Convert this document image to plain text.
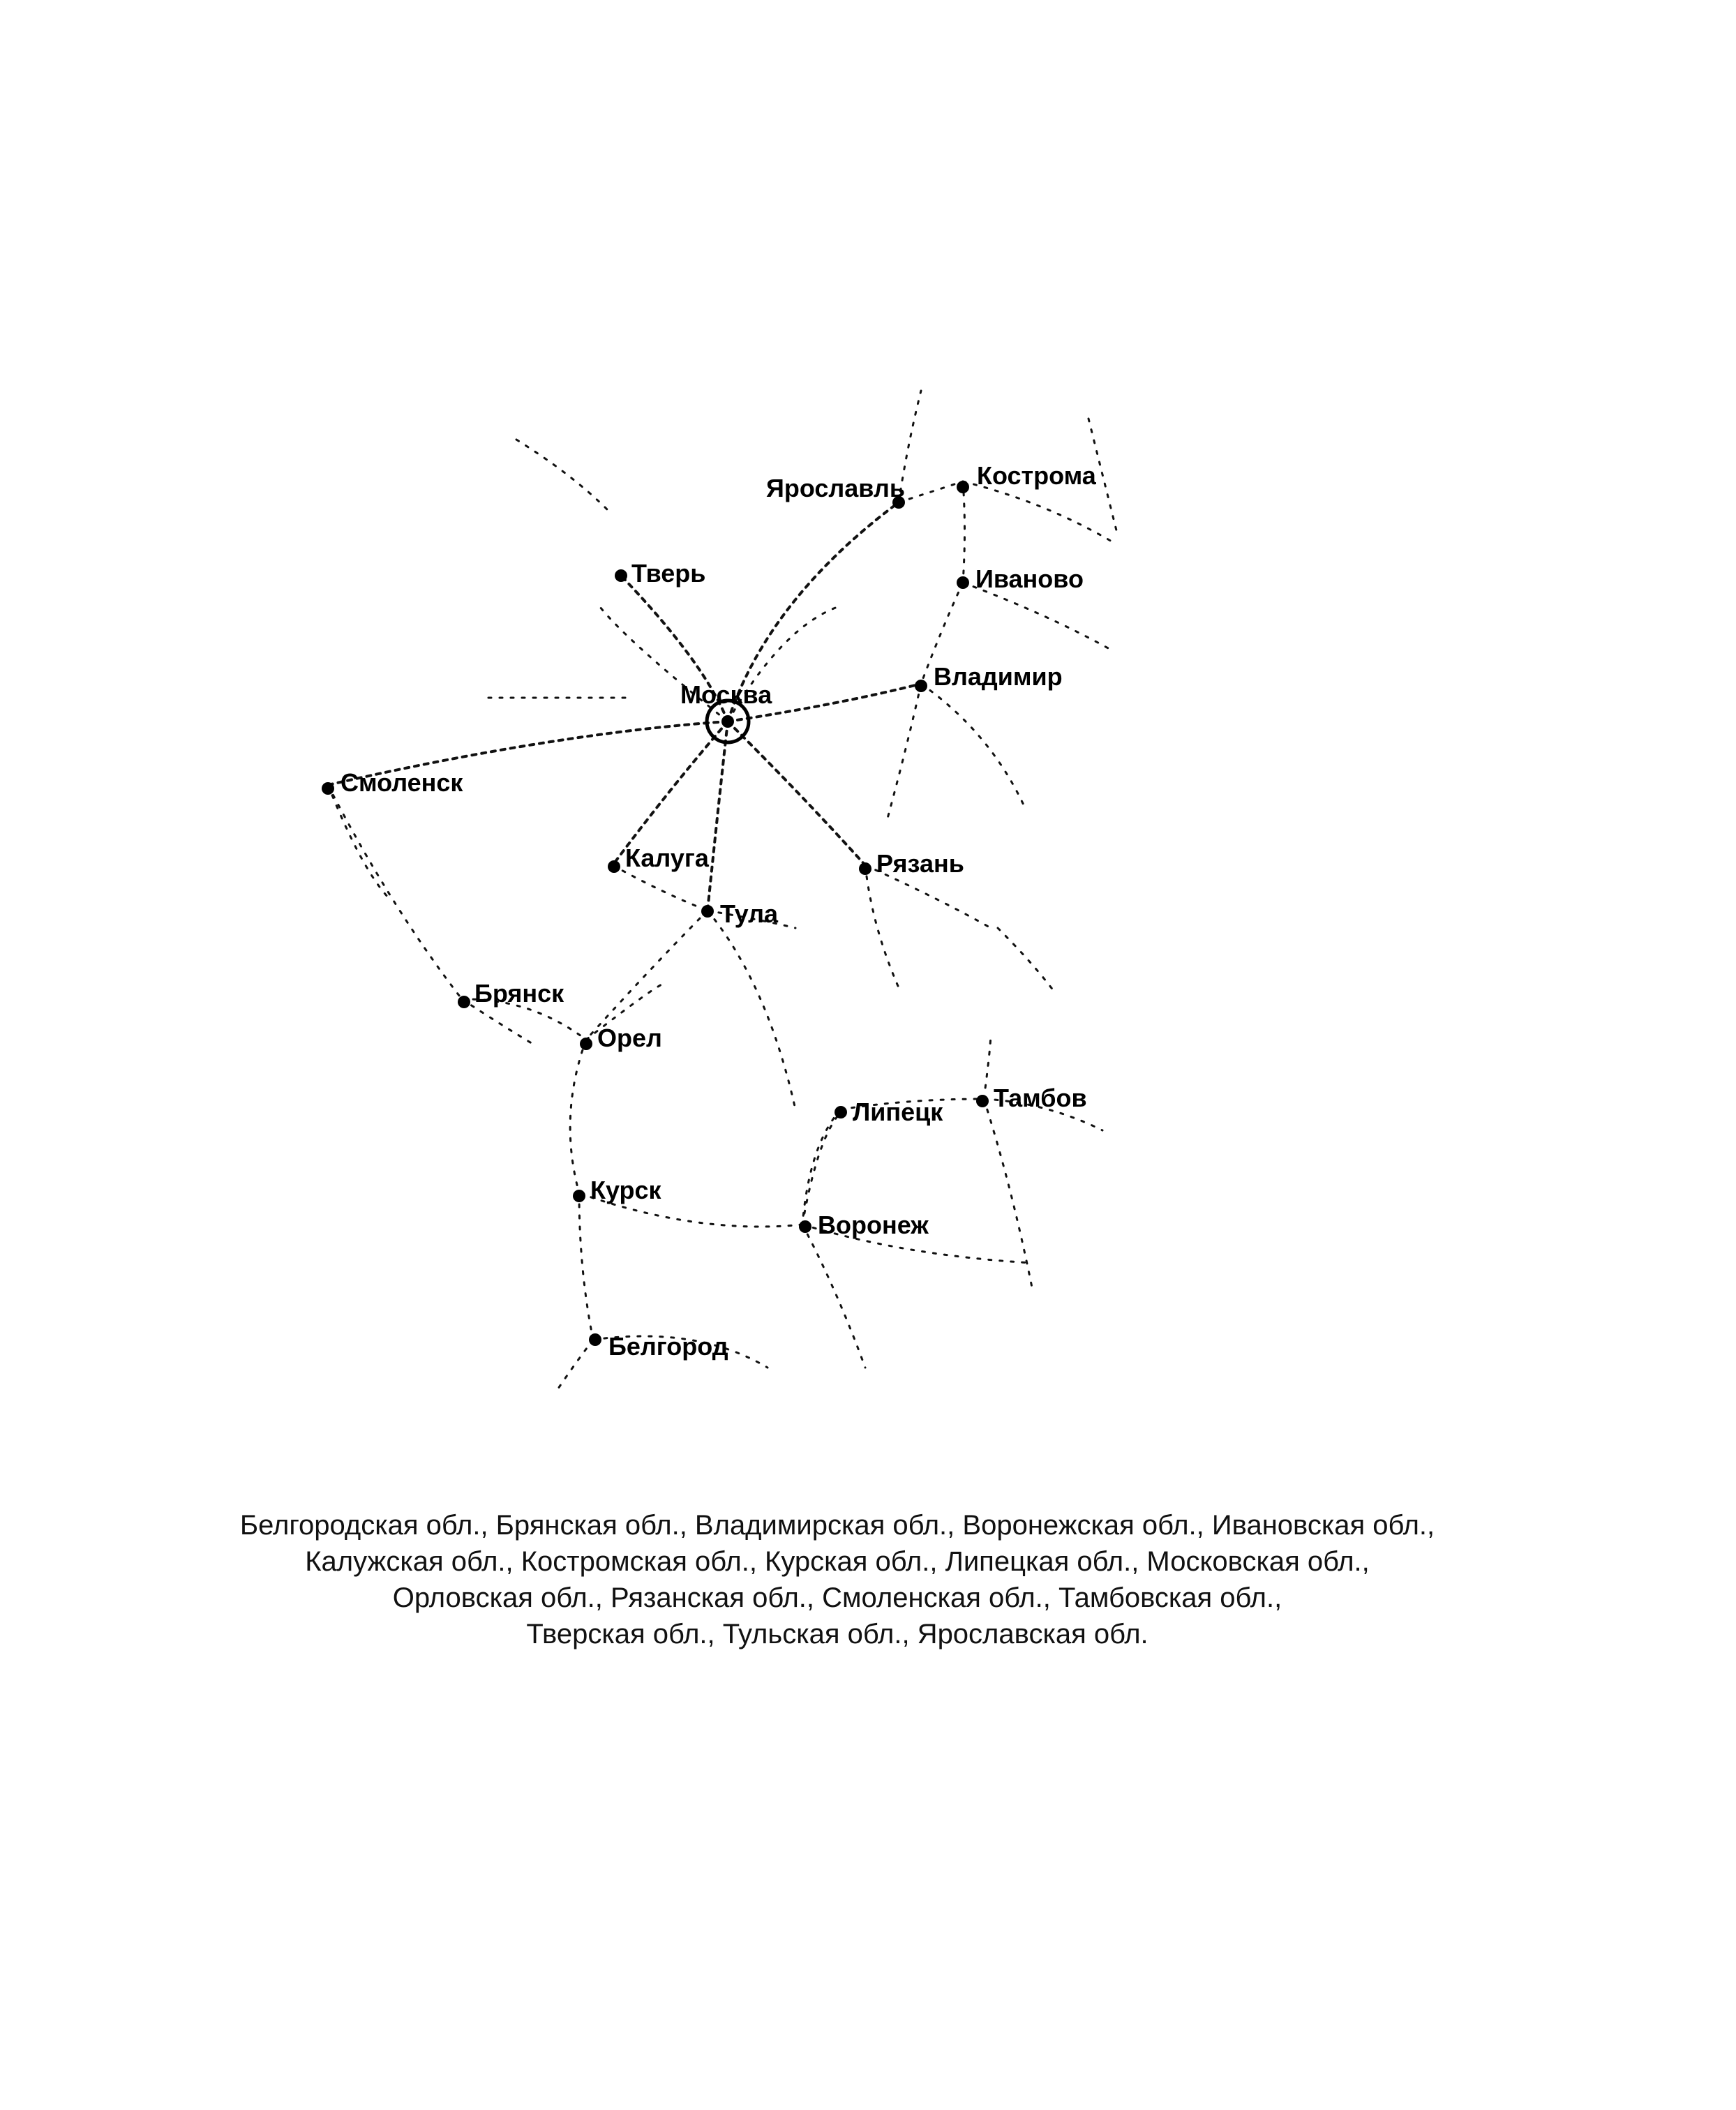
Ярославль	Кострома
Тверь	Иваново
Москва
Владимир
Смоленск
Калуга	Рязань
Тула
Брянск
Орел
Липецк Тамбов
Курск
Воронеж
Белгород
Белгородская обл., Брянская обл., Владимирская обл., Воронежская обл., Ивановская обл.,
Калужская обл., Костромская обл., Курская обл., Липецкая обл., Московская обл.,
Орловская обл., Рязанская обл., Смоленская обл., Тамбовская обл.,
Тверская обл., Тульская обл., Ярославская обл.
